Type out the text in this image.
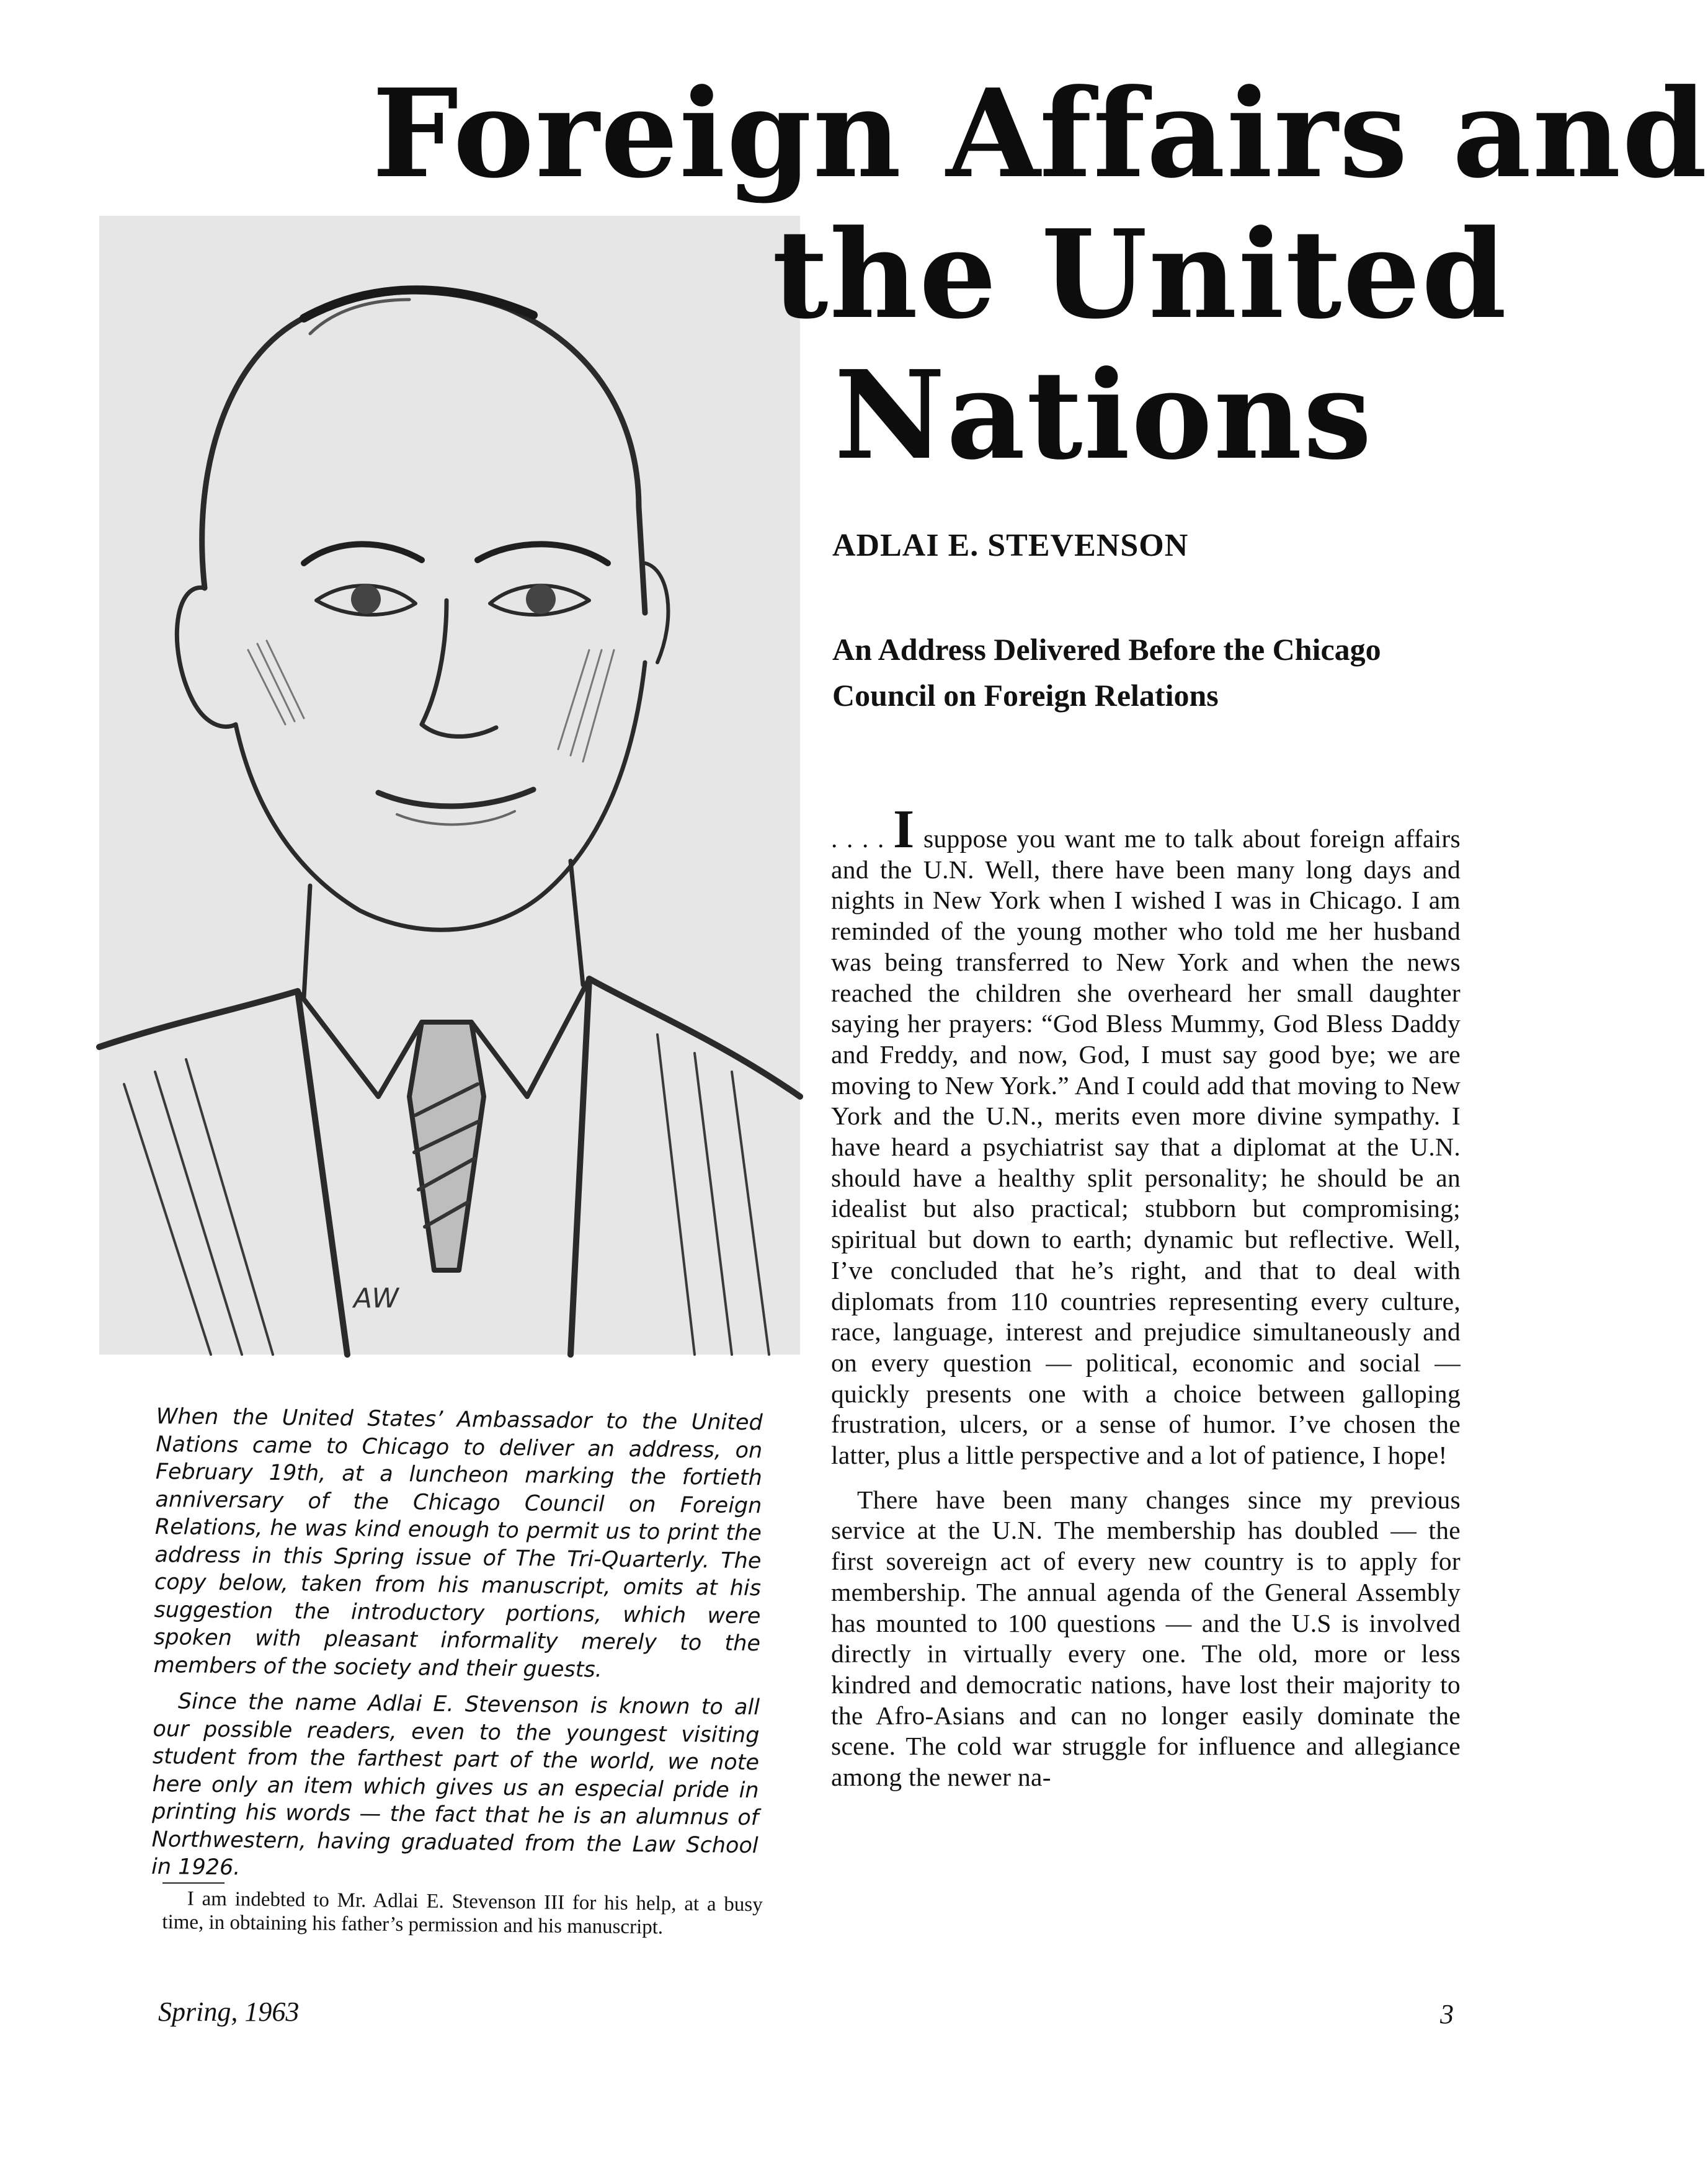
Foreign Affairs and
AW
the United
Nations
ADLAI E. STEVENSON
An Address Delivered Before the Chicago Council on Foreign Relations

. . . . I suppose you want me to talk about foreign affairs and the U.N. Well, there have been many long days and nights in New York when I wished I was in Chicago. I am reminded of the young mother who told me her husband was being transferred to New York and when the news reached the children she overheard her small daughter saying her prayers: “God Bless Mummy, God Bless Daddy and Freddy, and now, God, I must say good bye; we are moving to New York.” And I could add that moving to New York and the U.N., merits even more divine sympathy. I have heard a psychiatrist say that a diplomat at the U.N. should have a healthy split personality; he should be an idealist but also practical; stubborn but compromising; spiritual but down to earth; dynamic but reflective. Well, I’ve concluded that he’s right, and that to deal with diplomats from 110 countries representing every culture, race, language, interest and prejudice simultaneously and on every question — political, economic and social — quickly presents one with a choice between galloping frustration, ulcers, or a sense of humor. I’ve chosen the latter, plus a little perspective and a lot of patience, I hope!

There have been many changes since my previous service at the U.N. The membership has doubled — the first sovereign act of every new country is to apply for membership. The annual agenda of the General Assembly has mounted to 100 questions — and the U.S is involved directly in virtually every one. The old, more or less kindred and democratic nations, have lost their majority to the Afro-Asians and can no longer easily dominate the scene. The cold war struggle for influence and allegiance among the newer na-

When the United States’ Ambassador to the United Nations came to Chicago to deliver an address, on February 19th, at a luncheon marking the fortieth anniversary of the Chicago Council on Foreign Relations, he was kind enough to permit us to print the address in this Spring issue of The Tri-Quarterly. The copy below, taken from his manuscript, omits at his suggestion the introductory portions, which were spoken with pleasant informality merely to the members of the society and their guests.

Since the name Adlai E. Stevenson is known to all our possible readers, even to the youngest visiting student from the farthest part of the world, we note here only an item which gives us an especial pride in printing his words — the fact that he is an alumnus of Northwestern, having graduated from the Law School in 1926.

I am indebted to Mr. Adlai E. Stevenson III for his help, at a busy time, in obtaining his father’s permission and his manuscript.
Spring, 1963	3
